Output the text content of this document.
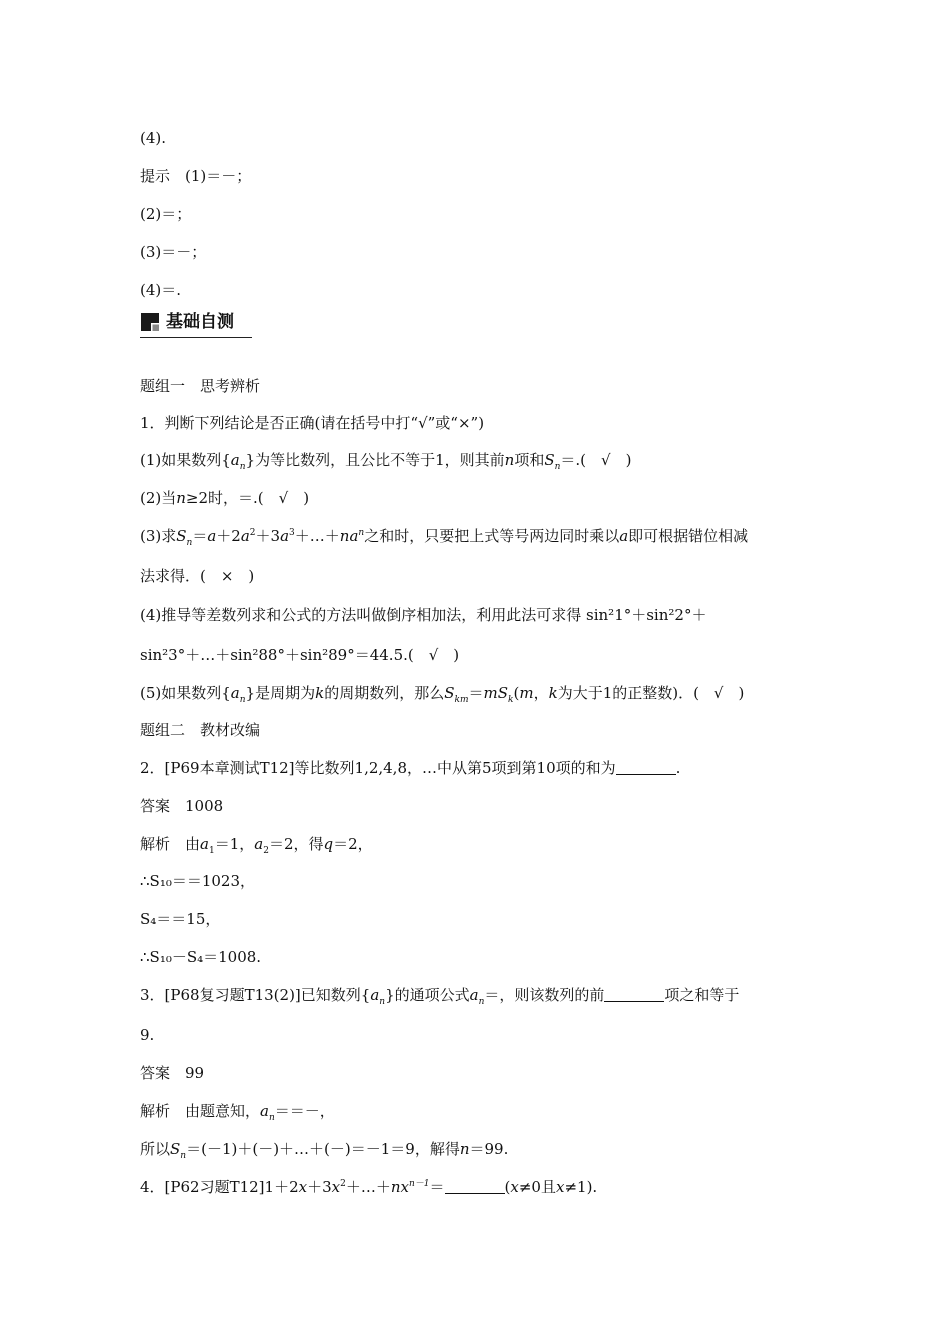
(4).
提示　(1)＝－；
(2)＝；
(3)＝－；
(4)＝.
基础自测
题组一　思考辨析
1．判断下列结论是否正确(请在括号中打“√”或“×”)
(1)如果数列$\{a_n\}$为等比数列，且公比不等于1，则其前n项和$S_n=$.(　√　)
(2)当n≥2时，＝.(　√　)
(3)求$S_n=a+2a^2+3a^3+\dots+na^n$之和时，只要把上式等号两边同时乘以a即可根据错位相减
法求得．(　×　)
(4)推导等差数列求和公式的方法叫做倒序相加法，利用此法可求得 sin²1°＋sin²2°＋
sin²3°＋…＋sin²88°＋sin²89°＝44.5.(　√　)
(5)如果数列$\{a_n\}$是周期为k的周期数列，那么$S_{km}=mS_k(m$，k为大于1的正整数)．(　√　)
题组二　教材改编
2．[P69本章测试T12]等比数列1,2,4,8，…中从第5项到第10项的和为	.
答案　1008
解析　由$a_1=1$，$a_2=2$，得q＝2，
∴S₁₀＝＝1023，
S₄＝＝15，
∴S₁₀－S₄＝1008.
3．[P68复习题T13(2)]已知数列$\{a_n\}$的通项公式$a_n=$，则该数列的前	项之和等于
9.
答案　99
解析　由题意知，$a_n==-$，
所以$S_n=(-1)+(-)+\dots+(-)=-1=9$，解得n＝99.
4．[P62习题$T12]1+2x+3x^2+\dots+nx^{n-1}=$	(x≠0且x≠1).
